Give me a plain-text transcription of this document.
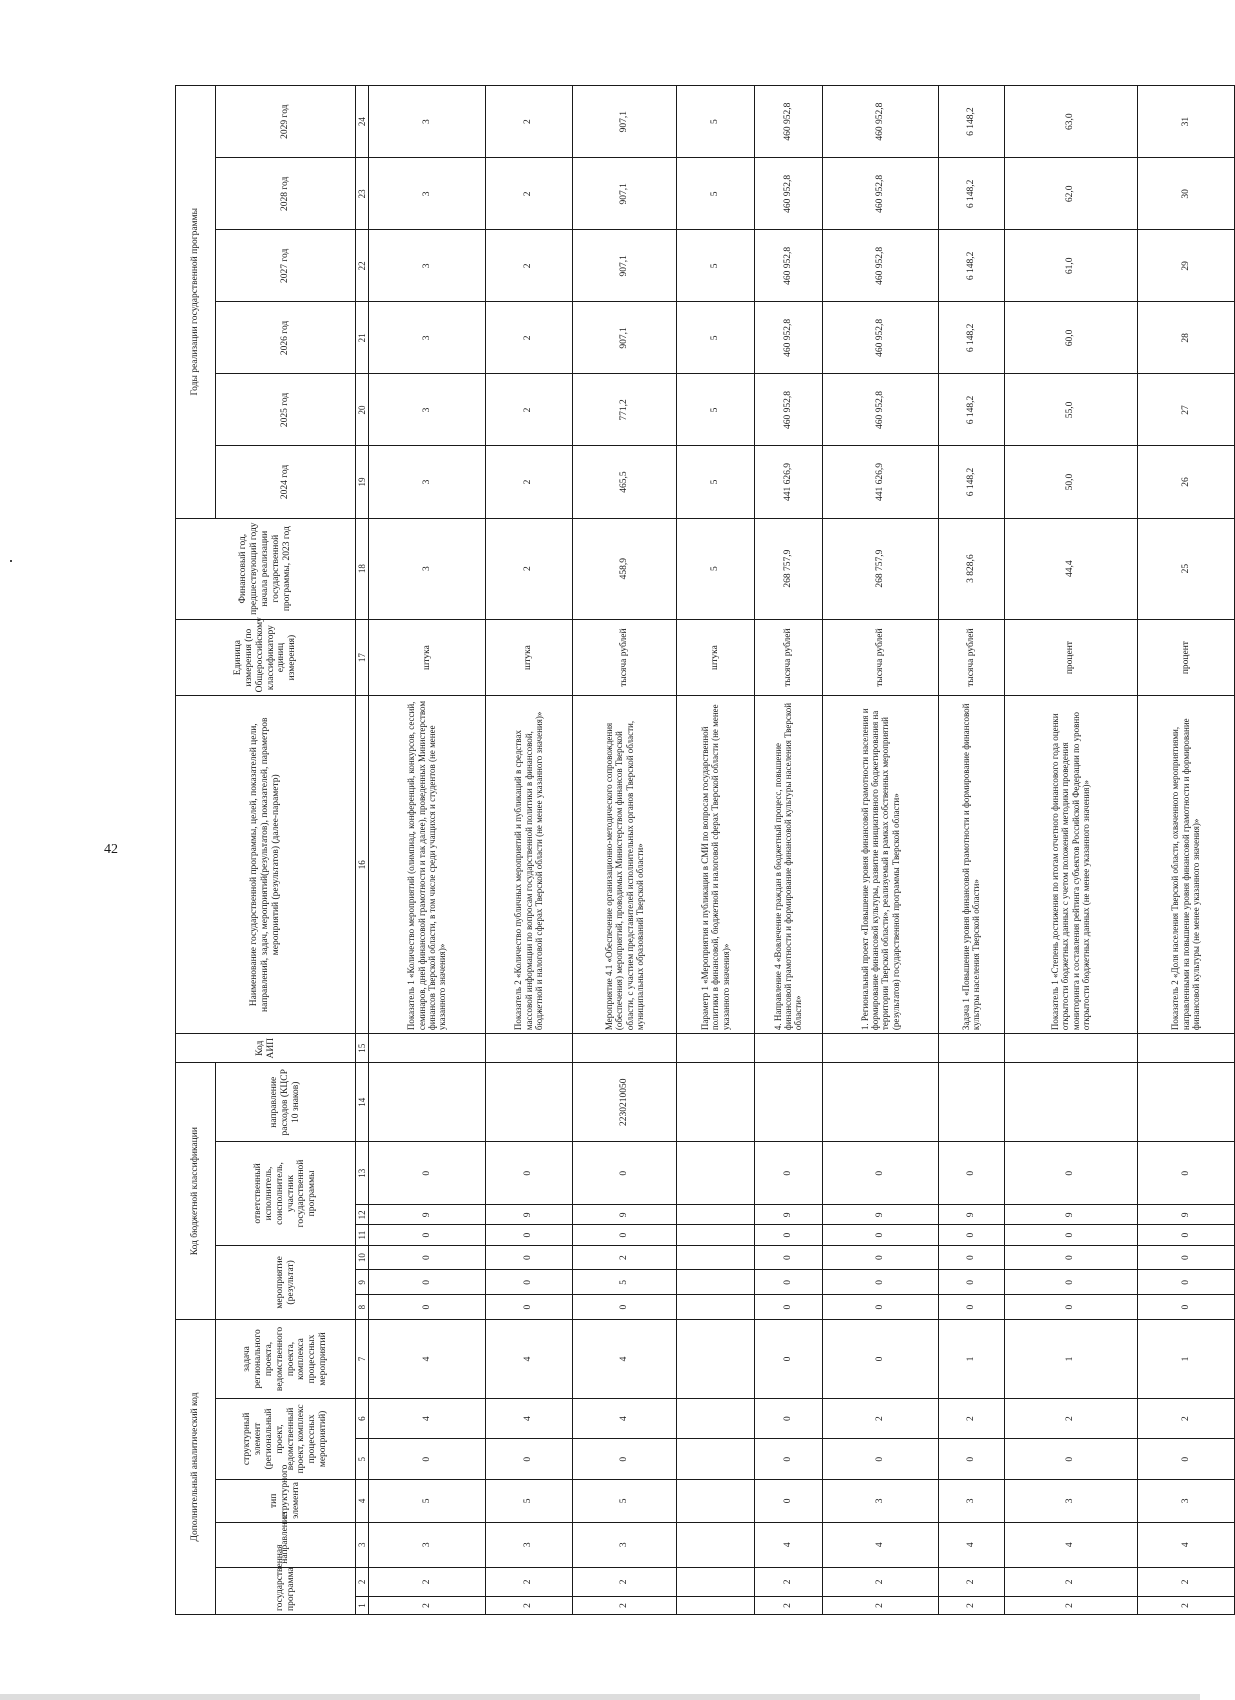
42
Дополнительный аналитический код							Код бюджетной классификации							Код АИП	Наименование государственной программы, целей, показателей цели, направлений, задач, мероприятий(результатов), показателей, параметров мероприятий (результатов) (далее-параметр)	Единица измерения (по Общероссийскому классификатору единиц измерения)	Финансовый год, предшествующий году начала реализации государственной программы, 2023 год	Годы реализации государственной программы					
государственная программа		направление	тип структурного элемента	структурный элемент (региональный проект, ведомственный проект, комплекс процессных мероприятий)		задача регионального проекта, ведомственного проекта, комплекса процессных мероприятий	мероприятие (результат)			ответственный исполнитель, соисполнитель, участник государственной программы			направление расходов (КЦСР 10 знаков)					2024 год	2025 год	2026 год	2027 год	2028 год	2029 год

1	2	3	4	5	6	7	8	9	10	11	12	13	14	15	16	17	18	19	20	21	22	23	24
2	2	3	5	0	4	4	0	0	0	0	9	0			Показатель 1 «Количество мероприятий (олимпиад, конференций, конкурсов, сессий, семинаров, дней финансовой грамотности и так далее), проведенных Министерством финансов Тверской области, в том числе среди учащихся и студентов (не менее указанного значения)»	штука	3	3	3	3	3	3	3
2	2	3	5	0	4	4	0	0	0	0	9	0			Показатель 2 «Количество публичных мероприятий и публикаций в средствах массовой информации по вопросам государственной политики в финансовой, бюджетной и налоговой сферах Тверской области (не менее указанного значения)»	штука	2	2	2	2	2	2	2
2	2	3	5	0	4	4	0	5	2	0	9	0	2230210050		Мероприятие 4.1 «Обеспечение организационно-методического сопровождения (обеспечения) мероприятий, проводимых Министерством финансов Тверской области, с участием представителей исполнительных органов Тверской области, муниципальных образований Тверской области»	тысяча рублей	458,9	465,5	771,2	907,1	907,1	907,1	907,1
															Параметр 1 «Мероприятия и публикации в СМИ по вопросам государственной политики в финансовой, бюджетной и налоговой сферах Тверской области (не менее указанного значения)»	штука	5	5	5	5	5	5	5
2	2	4	0	0	0	0	0	0	0	0	9	0			4. Направление 4 «Вовлечение граждан в бюджетный процесс, повышение финансовой грамотности и формирование финансовой культуры населения Тверской области»	тысяча рублей	268 757,9	441 626,9	460 952,8	460 952,8	460 952,8	460 952,8	460 952,8
2	2	4	3	0	2	0	0	0	0	0	9	0			1. Региональный проект «Повышение уровня финансовой грамотности населения и формирование финансовой культуры, развитие инициативного бюджетирования на территории Тверской области», реализуемый в рамках собственных мероприятий (результатов) государственной программы Тверской области»	тысяча рублей	268 757,9	441 626,9	460 952,8	460 952,8	460 952,8	460 952,8	460 952,8
2	2	4	3	0	2	1	0	0	0	0	9	0			Задача 1 «Повышение уровня финансовой грамотности и формирование финансовой культуры населения Тверской области»	тысяча рублей	3 828,6	6 148,2	6 148,2	6 148,2	6 148,2	6 148,2	6 148,2
2	2	4	3	0	2	1	0	0	0	0	9	0			Показатель 1 «Степень достижения по итогам отчетного финансового года оценки открытости бюджетных данных с учетом положений методики проведения мониторинга и составления рейтинга субъектов Российской Федерации по уровню открытости бюджетных данных (не менее указанного значения)»	процент	44,4	50,0	55,0	60,0	61,0	62,0	63,0
2	2	4	3	0	2	1	0	0	0	0	9	0			Показатель 2 «Доля населения Тверской области, охваченного мероприятиями, направленными на повышение уровня финансовой грамотности и формирование финансовой культуры (не менее указанного значения)»	процент	25	26	27	28	29	30	31
